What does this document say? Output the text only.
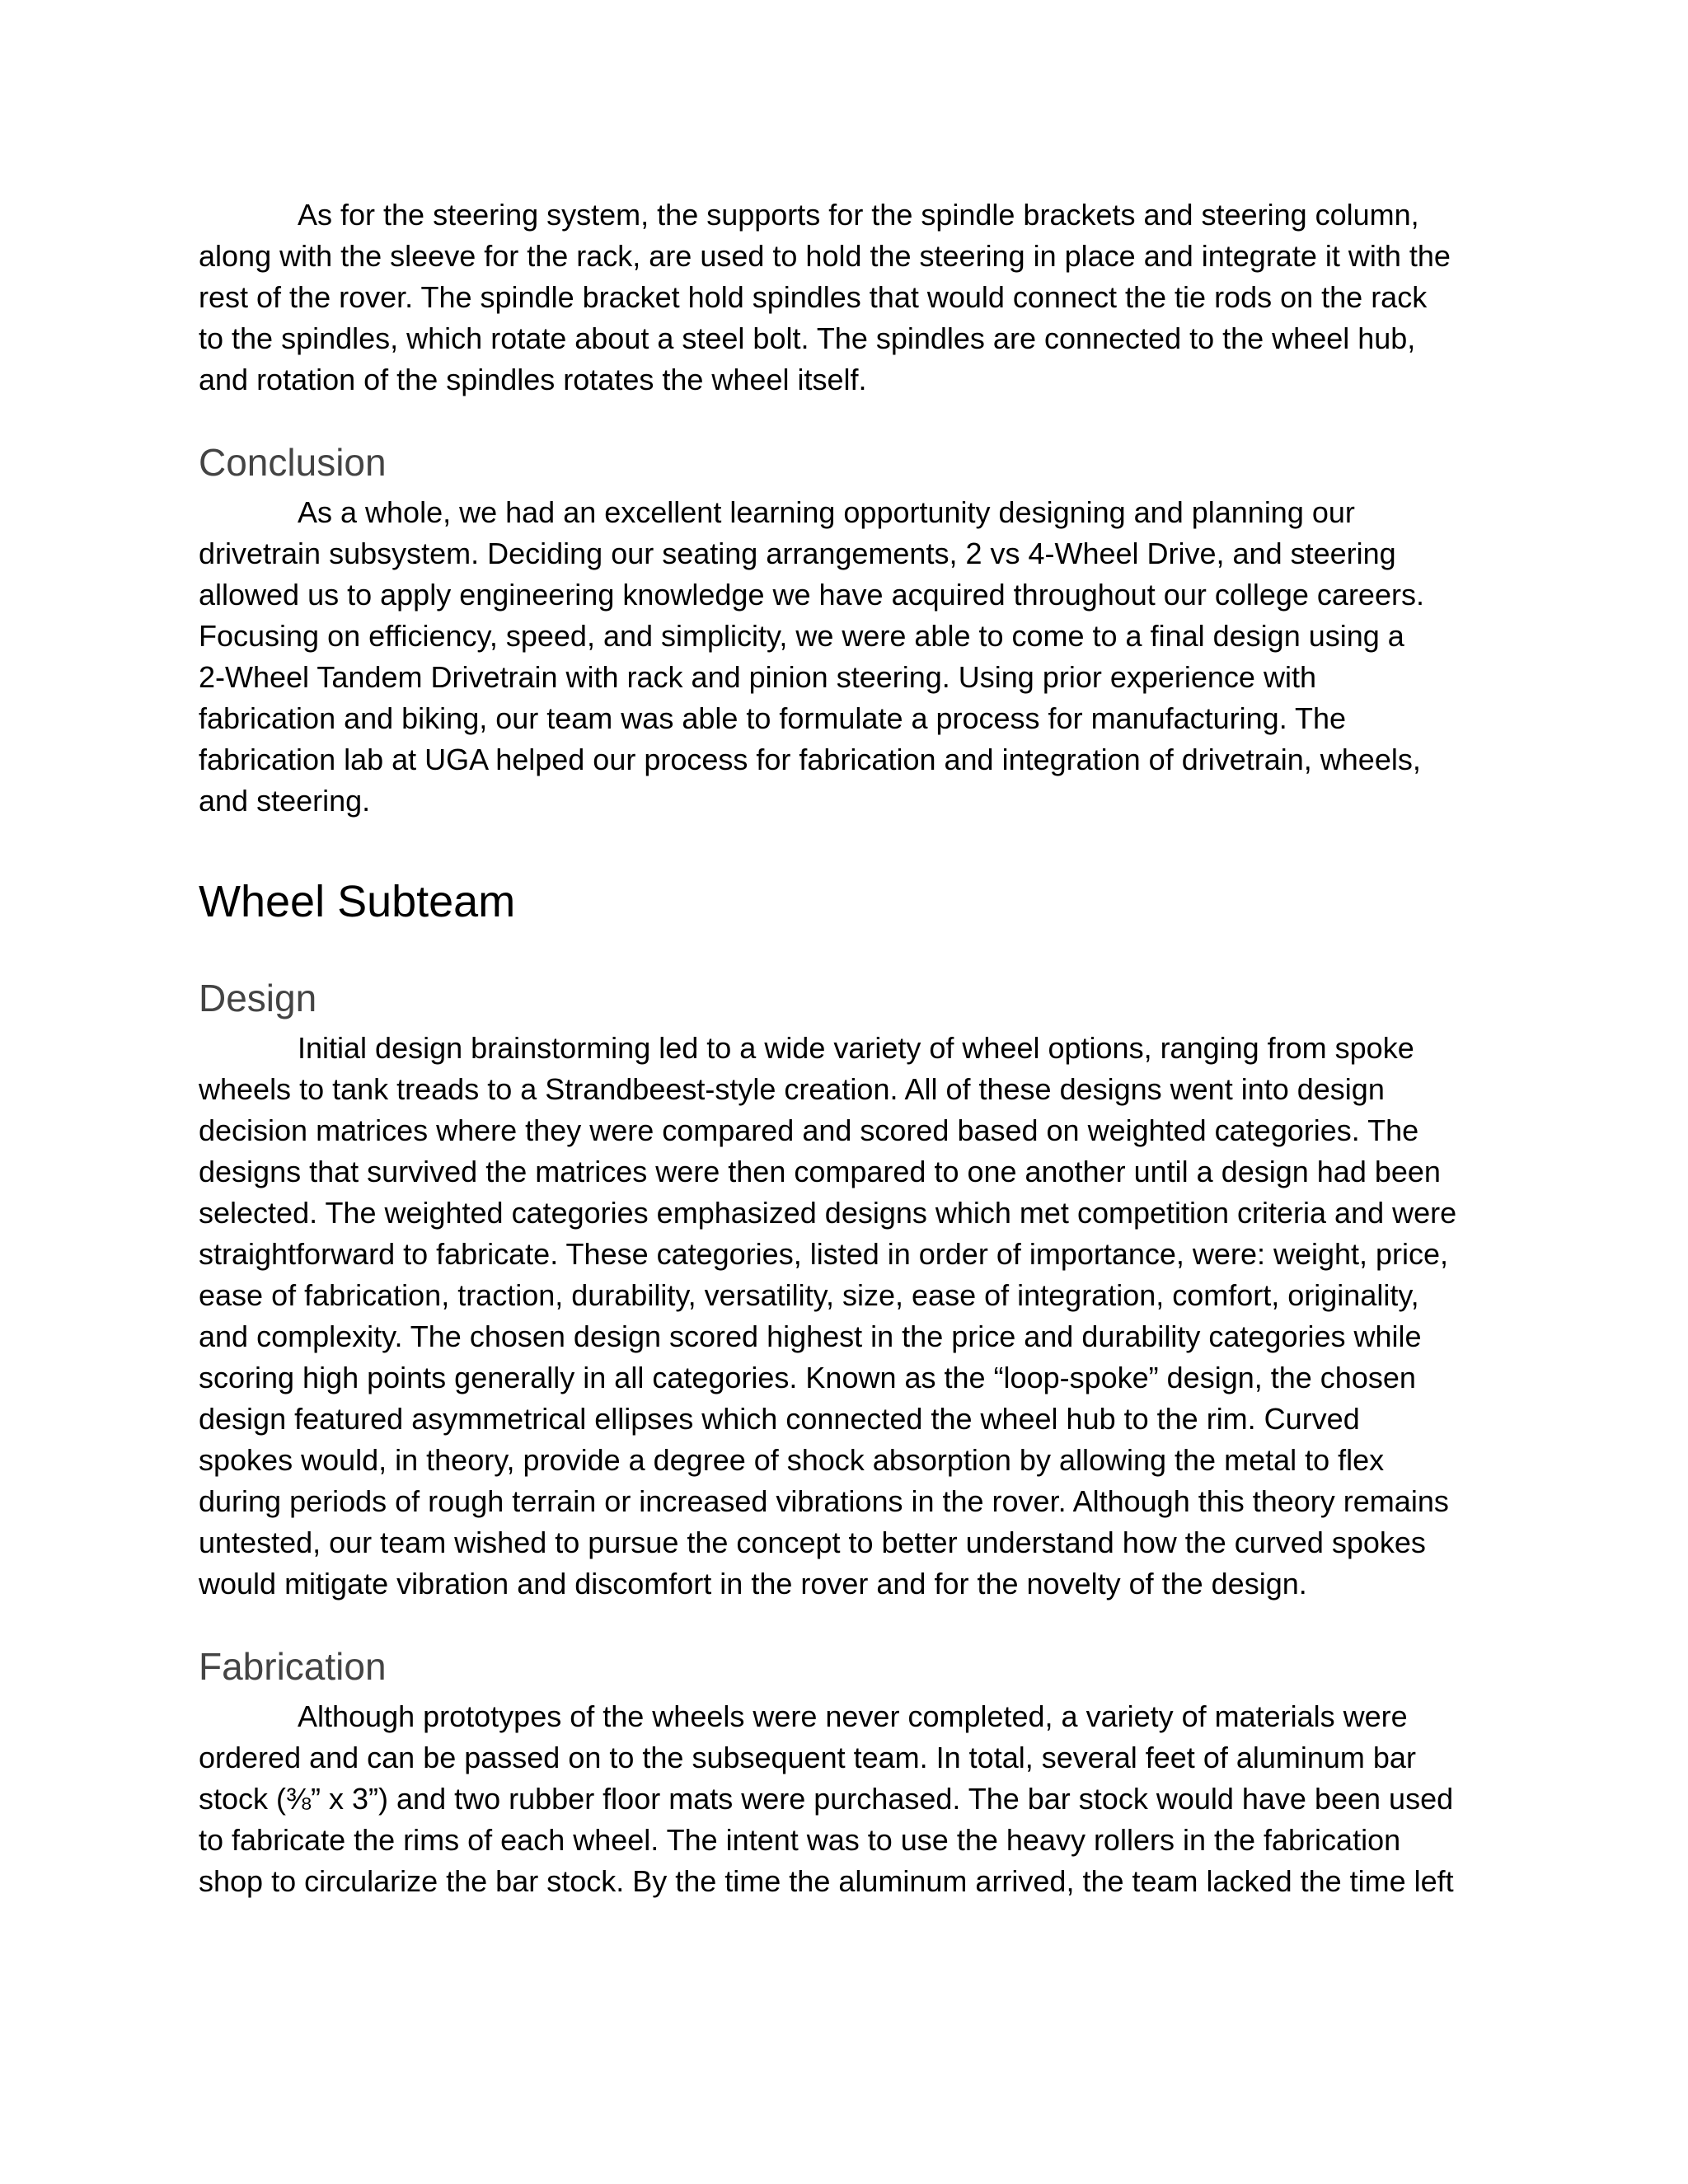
As for the steering system, the supports for the spindle brackets and steering column,
along with the sleeve for the rack, are used to hold the steering in place and integrate it with the
rest of the rover. The spindle bracket hold spindles that would connect the tie rods on the rack
to the spindles, which rotate about a steel bolt. The spindles are connected to the wheel hub,
and rotation of the spindles rotates the wheel itself.

Conclusion

As a whole, we had an excellent learning opportunity designing and planning our
drivetrain subsystem. Deciding our seating arrangements, 2 vs 4-Wheel Drive, and steering
allowed us to apply engineering knowledge we have acquired throughout our college careers.
Focusing on efficiency, speed, and simplicity, we were able to come to a final design using a
2-Wheel Tandem Drivetrain with rack and pinion steering. Using prior experience with
fabrication and biking, our team was able to formulate a process for manufacturing. The
fabrication lab at UGA helped our process for fabrication and integration of drivetrain, wheels,
and steering.

Wheel Subteam
Design

Initial design brainstorming led to a wide variety of wheel options, ranging from spoke
wheels to tank treads to a Strandbeest-style creation. All of these designs went into design
decision matrices where they were compared and scored based on weighted categories. The
designs that survived the matrices were then compared to one another until a design had been
selected. The weighted categories emphasized designs which met competition criteria and were
straightforward to fabricate. These categories, listed in order of importance, were: weight, price,
ease of fabrication, traction, durability, versatility, size, ease of integration, comfort, originality,
and complexity. The chosen design scored highest in the price and durability categories while
scoring high points generally in all categories. Known as the “loop-spoke” design, the chosen
design featured asymmetrical ellipses which connected the wheel hub to the rim. Curved
spokes would, in theory, provide a degree of shock absorption by allowing the metal to flex
during periods of rough terrain or increased vibrations in the rover. Although this theory remains
untested, our team wished to pursue the concept to better understand how the curved spokes
would mitigate vibration and discomfort in the rover and for the novelty of the design.

Fabrication

Although prototypes of the wheels were never completed, a variety of materials were
ordered and can be passed on to the subsequent team. In total, several feet of aluminum bar
stock (⅜” x 3”) and two rubber floor mats were purchased. The bar stock would have been used
to fabricate the rims of each wheel. The intent was to use the heavy rollers in the fabrication
shop to circularize the bar stock. By the time the aluminum arrived, the team lacked the time left
